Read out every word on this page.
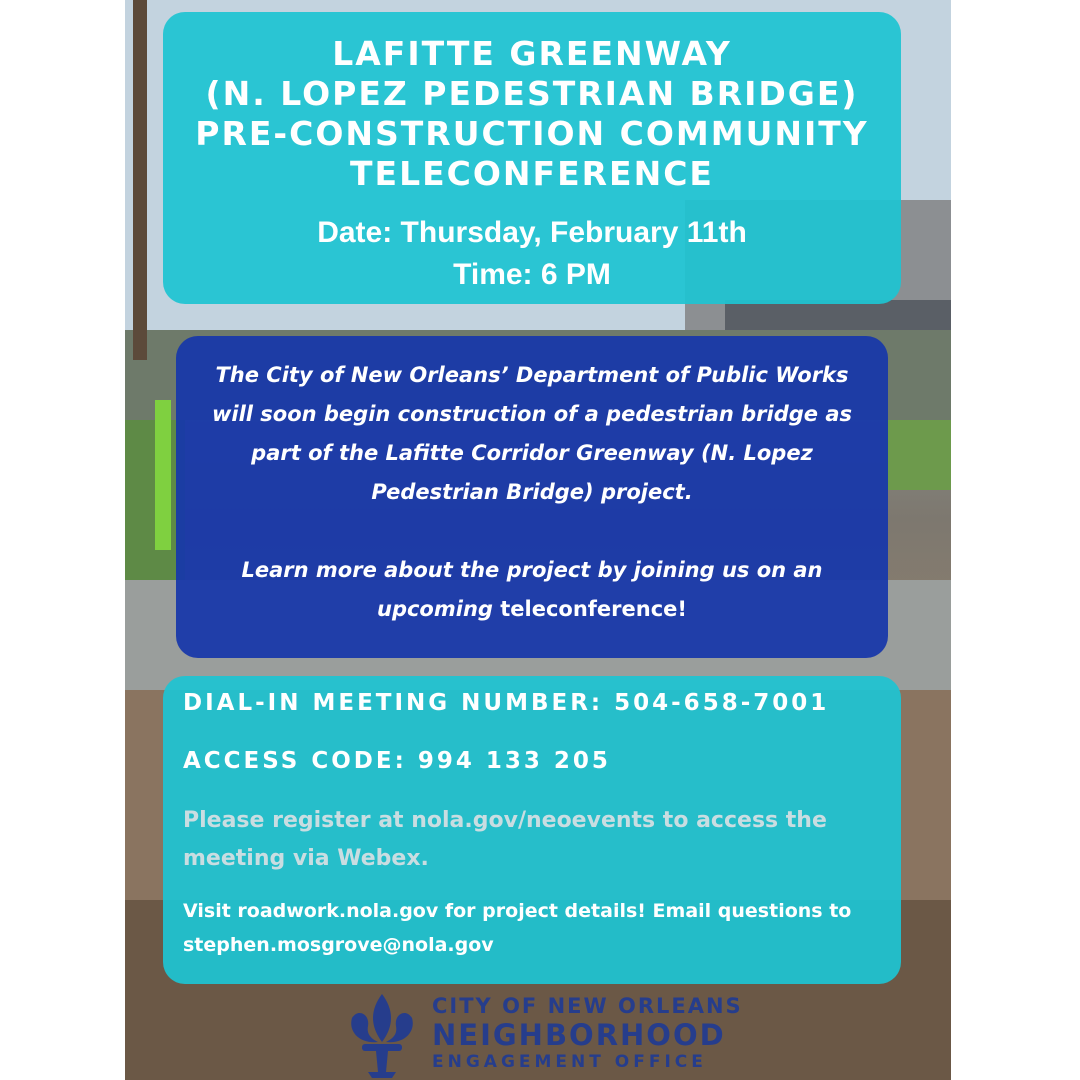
LAFITTE GREENWAY
(N. LOPEZ PEDESTRIAN BRIDGE)
PRE-CONSTRUCTION COMMUNITY
TELECONFERENCE
Date: Thursday, February 11th
Time: 6 PM

The City of New Orleans’ Department of Public Works will soon begin construction of a pedestrian bridge as part of the Lafitte Corridor Greenway (N. Lopez Pedestrian Bridge) project.

Learn more about the project by joining us on an upcoming teleconference!

DIAL-IN MEETING NUMBER: 504-658-7001

ACCESS CODE: 994 133 205

Please register at nola.gov/neoevents to access the meeting via Webex.

Visit roadwork.nola.gov for project details! Email questions to stephen.mosgrove@nola.gov

CITY OF NEW ORLEANS
NEIGHBORHOOD
ENGAGEMENT OFFICE
